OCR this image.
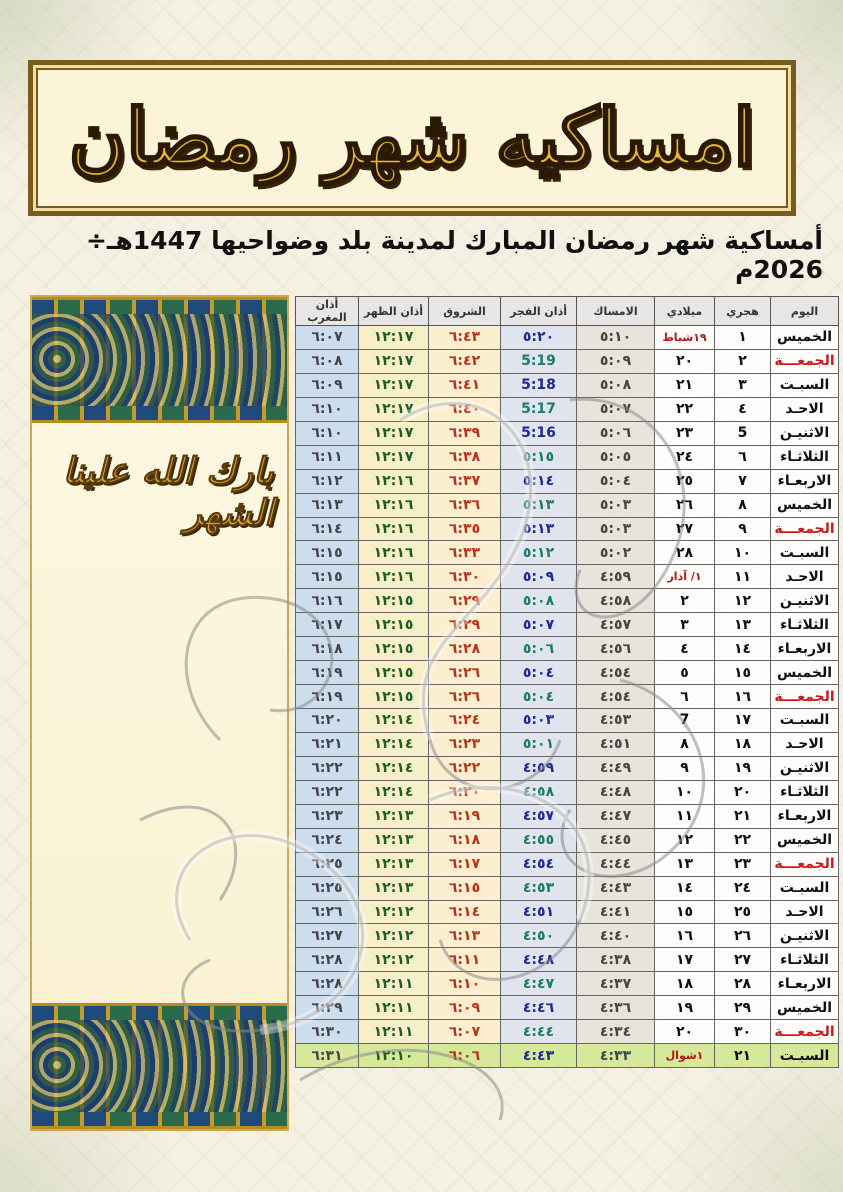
امساكيه شهر رمضان
أمساكية شهر رمضان المبارك لمدينة بلد وضواحيها 1447هـ÷ 2026م
بارك الله علينا الشهر
اليوم	هجري	ميلادي	الامساك	أذان الفجر	الشروق	أذان الظهر	أذان المغرب
الخميس	١	١٩شباط	٥:١٠	٥:٢٠	٦:٤٣	١٢:١٧	٦:٠٧
الجمعـــة	٢	٢٠	٥:٠٩	5:19	٦:٤٢	١٢:١٧	٦:٠٨
السبـت	٣	٢١	٥:٠٨	5:18	٦:٤١	١٢:١٧	٦:٠٩
الاحـد	٤	٢٢	٥:٠٧	5:17	٦:٤٠	١٢:١٧	٦:١٠
الاثنيـن	5	٢٣	٥:٠٦	5:16	٦:٣٩	١٢:١٧	٦:١٠
الثلاثـاء	٦	٢٤	٥:٠٥	٥:١٥	٦:٣٨	١٢:١٧	٦:١١
الاربعـاء	٧	٢٥	٥:٠٤	٥:١٤	٦:٣٧	١٢:١٦	٦:١٢
الخميس	٨	٢٦	٥:٠٣	٥:١٣	٦:٣٦	١٢:١٦	٦:١٣
الجمعـــة	٩	٢٧	٥:٠٣	٥:١٣	٦:٣٥	١٢:١٦	٦:١٤
السبـت	١٠	٢٨	٥:٠٢	٥:١٢	٦:٣٣	١٢:١٦	٦:١٥
الاحـد	١١	١/ آذار	٤:٥٩	٥:٠٩	٦:٣٠	١٢:١٦	٦:١٥
الاثنيـن	١٢	٢	٤:٥٨	٥:٠٨	٦:٢٩	١٢:١٥	٦:١٦
الثلاثـاء	١٣	٣	٤:٥٧	٥:٠٧	٦:٢٩	١٢:١٥	٦:١٧
الاربعـاء	١٤	٤	٤:٥٦	٥:٠٦	٦:٢٨	١٢:١٥	٦:١٨
الخميس	١٥	٥	٤:٥٤	٥:٠٤	٦:٢٦	١٢:١٥	٦:١٩
الجمعـــة	١٦	٦	٤:٥٤	٥:٠٤	٦:٢٦	١٢:١٥	٦:١٩
السبـت	١٧	7	٤:٥٣	٥:٠٣	٦:٢٤	١٢:١٤	٦:٢٠
الاحـد	١٨	٨	٤:٥١	٥:٠١	٦:٢٣	١٢:١٤	٦:٢١
الاثنيـن	١٩	٩	٤:٤٩	٤:٥٩	٦:٢٢	١٢:١٤	٦:٢٢
الثلاثـاء	٢٠	١٠	٤:٤٨	٤:٥٨	٦:٢٠	١٢:١٤	٦:٢٢
الاربعـاء	٢١	١١	٤:٤٧	٤:٥٧	٦:١٩	١٢:١٣	٦:٢٣
الخميس	٢٢	١٢	٤:٤٥	٤:٥٥	٦:١٨	١٢:١٣	٦:٢٤
الجمعـــة	٢٣	١٣	٤:٤٤	٤:٥٤	٦:١٧	١٢:١٣	٦:٢٥
السبـت	٢٤	١٤	٤:٤٣	٤:٥٣	٦:١٥	١٢:١٣	٦:٢٥
الاحـد	٢٥	١٥	٤:٤١	٤:٥١	٦:١٤	١٢:١٢	٦:٢٦
الاثنيـن	٢٦	١٦	٤:٤٠	٤:٥٠	٦:١٣	١٢:١٢	٦:٢٧
الثلاثـاء	٢٧	١٧	٤:٣٨	٤:٤٨	٦:١١	١٢:١٢	٦:٢٨
الاربعـاء	٢٨	١٨	٤:٣٧	٤:٤٧	٦:١٠	١٢:١١	٦:٢٨
الخميس	٢٩	١٩	٤:٣٦	٤:٤٦	٦:٠٩	١٢:١١	٦:٢٩
الجمعـــة	٣٠	٢٠	٤:٣٤	٤:٤٤	٦:٠٧	١٢:١١	٦:٣٠
السبـت	٢١	١شوال	٤:٣٣	٤:٤٣	٦:٠٦	١٢:١٠	٦:٣١
